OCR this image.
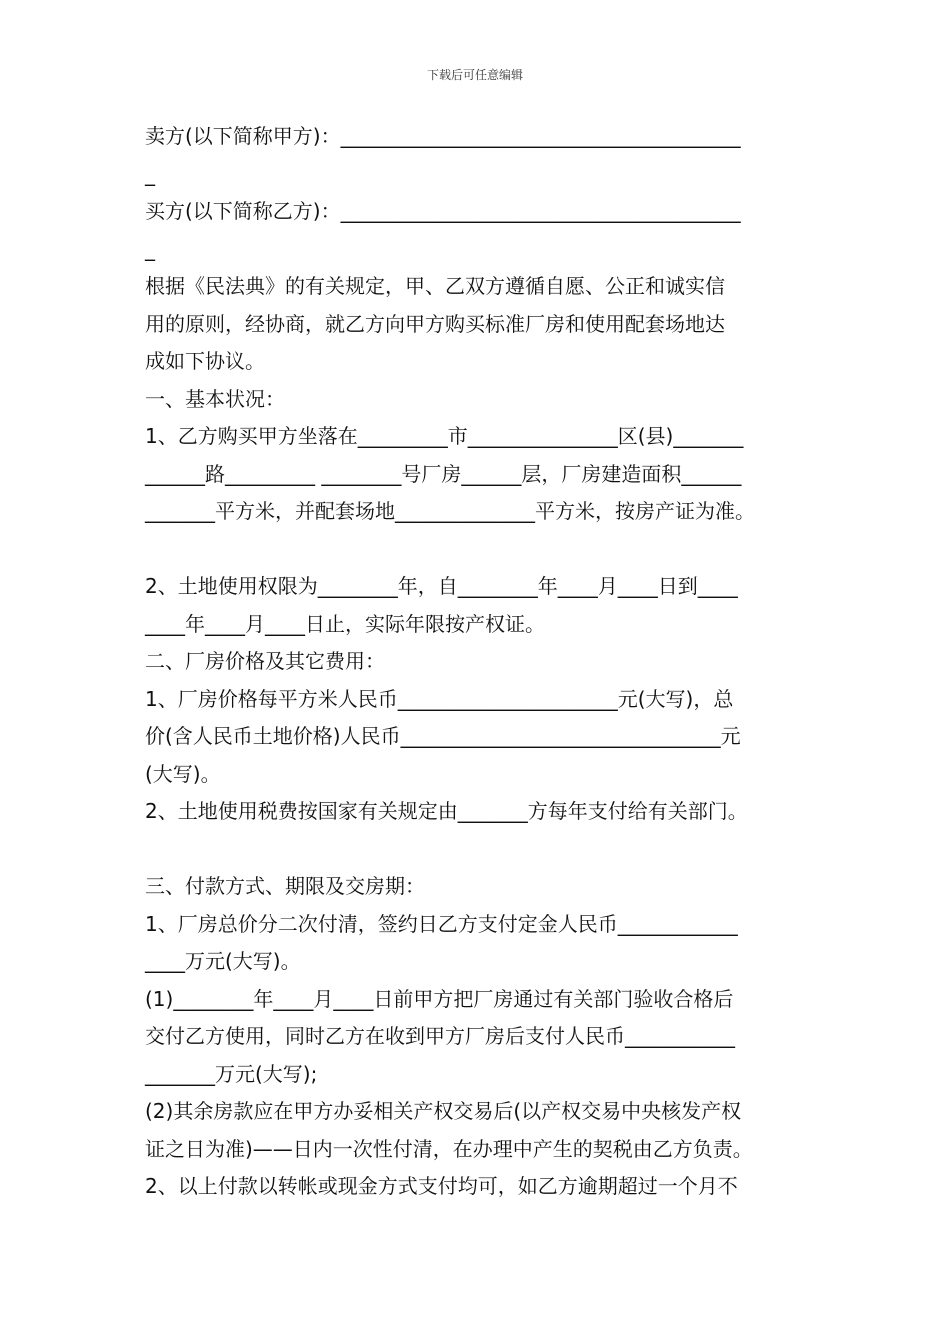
下载后可任意编辑
卖方(以下简称甲方)：________________________________________
_
买方(以下简称乙方)：________________________________________
_
根据《民法典》的有关规定，甲、乙双方遵循自愿、公正和诚实信
用的原则，经协商，就乙方向甲方购买标准厂房和使用配套场地达
成如下协议。
一、基本状况：
1、乙方购买甲方坐落在_________市_______________区(县)_______
______路_________ ________号厂房______层，厂房建造面积______
_______平方米，并配套场地______________平方米，按房产证为准。
2、土地使用权限为________年，自________年____月____日到____
____年____月____日止，实际年限按产权证。
二、厂房价格及其它费用：
1、厂房价格每平方米人民币______________________元(大写)，总
价(含人民币土地价格)人民币________________________________元
(大写)。
2、土地使用税费按国家有关规定由_______方每年支付给有关部门。
三、付款方式、期限及交房期：
1、厂房总价分二次付清，签约日乙方支付定金人民币____________
____万元(大写)。
(1)________年____月____日前甲方把厂房通过有关部门验收合格后
交付乙方使用，同时乙方在收到甲方厂房后支付人民币___________
_______万元(大写);
(2)其余房款应在甲方办妥相关产权交易后(以产权交易中央核发产权
证之日为准)——日内一次性付清，在办理中产生的契税由乙方负责。
2、以上付款以转帐或现金方式支付均可，如乙方逾期超过一个月不
